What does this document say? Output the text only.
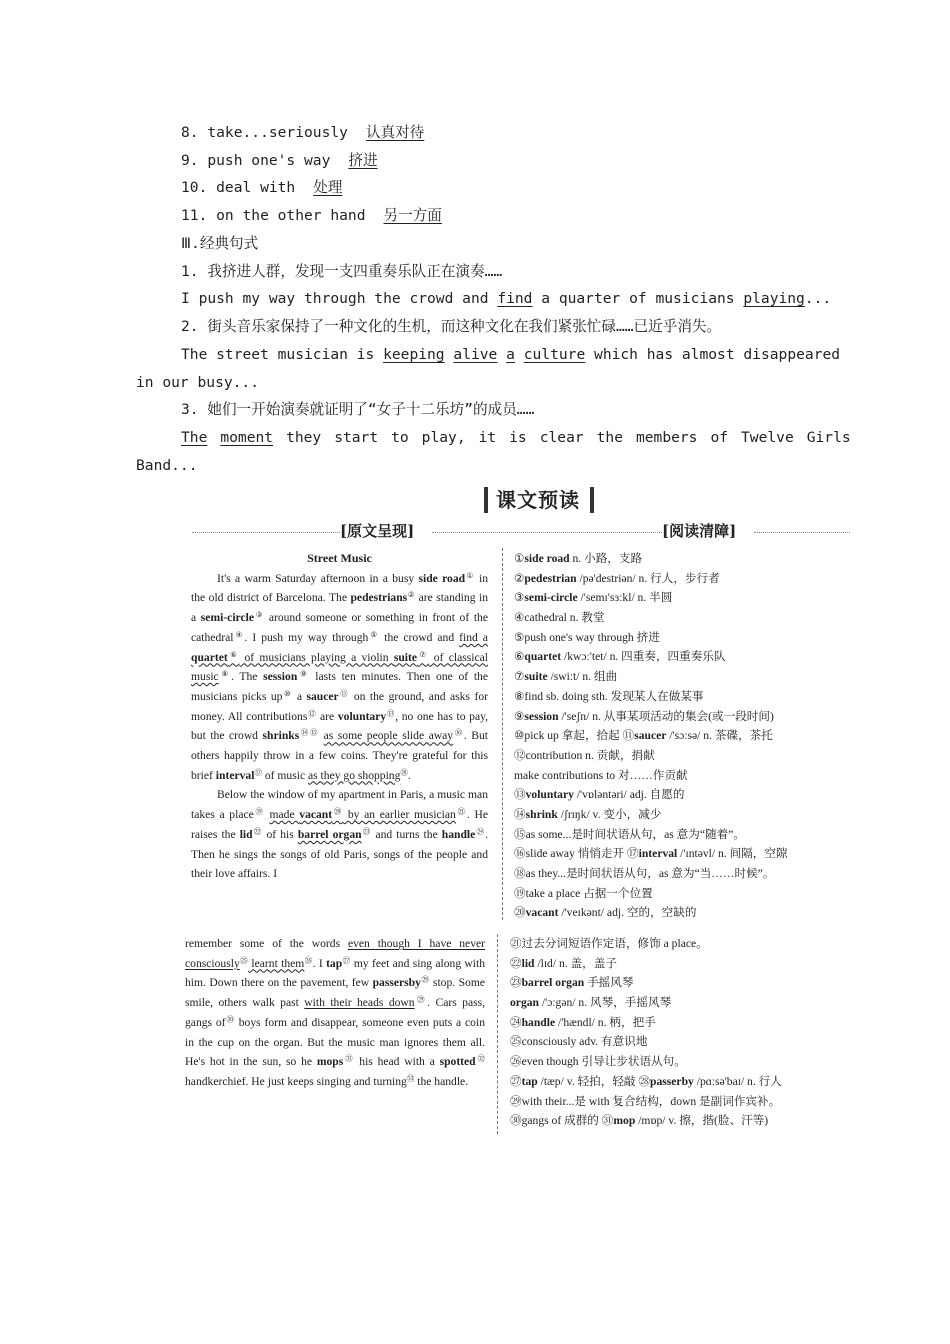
8. take...seriously 认真对待
9. push one's way 挤进
10. deal with 处理
11. on the other hand 另一方面
Ⅲ.经典句式
1. 我挤进人群，发现一支四重奏乐队正在演奏……
I push my way through the crowd and find a quarter of musicians playing...
2. 街头音乐家保持了一种文化的生机，而这种文化在我们紧张忙碌……已近乎消失。
The street musician is keeping alive a culture which has almost disappeared
in our busy...
3. 她们一开始演奏就证明了“女子十二乐坊”的成员……
The moment they start to play, it is clear the members of Twelve Girls
Band...
课文预读
[原文呈现]	[阅读清障]

Street Music

It's a warm Saturday afternoon in a busy side road① in the old district of Barcelona. The pedestrians② are standing in a semi-circle③ around someone or something in front of the cathedral④. I push my way through⑤ the crowd and find a quartet⑥ of musicians playing a violin suite⑦ of classical music⑧. The session⑨ lasts ten minutes. Then one of the musicians picks up⑩ a saucer⑪ on the ground, and asks for money. All contributions⑫ are voluntary⑬, no one has to pay, but the crowd shrinks⑭⑮ as some people slide away⑯. But others happily throw in a few coins. They're grateful for this brief interval⑰ of music as they go shopping⑱.

Below the window of my apartment in Paris, a music man takes a place⑲ made vacant⑳ by an earlier musician$^㉑$. He raises the lid$^㉒$ of his barrel organ$^㉓$ and turns the handle$^㉔$. Then he sings the songs of old Paris, songs of the people and their love affairs. I

remember some of the words even though I have never consciously$^㉕$ learnt them$^㉖$. I tap$^㉗$ my feet and sing along with him. Down there on the pavement, few passersby$^㉘$ stop. Some smile, others walk past with their heads down$^㉙$. Cars pass, gangs $of^㉚$ boys form and disappear, someone even puts a coin in the cup on the organ. But the music man ignores them all. He's hot in the sun, so he mops$^㉛$ his head with a spotted$^㉜$ handkerchief. He just keeps singing and turning$^㉝$ the handle.

①side road n. 小路，支路
②pedestrian /pə'destriən/ n. 行人，步行者
③semi-circle /'semɪ'sɜːkl/ n. 半圆
④cathedral n. 教堂
⑤push one's way through 挤进
⑥quartet /kwɔː'tet/ n. 四重奏，四重奏乐队
⑦suite /swiːt/ n. 组曲
⑧find sb. doing sth. 发现某人在做某事
⑨session /'seʃn/ n. 从事某项活动的集会(或一段时间)
⑩pick up 拿起，拾起 ⑪saucer /'sɔːsə/ n. 茶碟，茶托
⑫contribution n. 贡献，捐献
make contributions to 对……作贡献
⑬voluntary /'vɒləntəri/ adj. 自愿的
⑭shrink /ʃrɪŋk/ v. 变小，减少
⑮as some...是时间状语从句，as 意为“随着”。
⑯slide away 悄悄走开 ⑰interval /'ɪntəvl/ n. 间隔，空隙
⑱as they...是时间状语从句，as 意为“当……时候”。
⑲take a place 占据一个位置
⑳vacant /'veɪkənt/ adj. 空的，空缺的
㉑过去分词短语作定语，修饰 a place。
㉒lid /lɪd/ n. 盖，盖子
㉓barrel organ 手摇风琴
organ /'ɔːgən/ n. 风琴，手摇风琴
㉔handle /'hændl/ n. 柄，把手
㉕consciously adv. 有意识地
㉖even though 引导让步状语从句。
㉗tap /tæp/ v. 轻拍，轻敲 ㉘passerby /pɑːsə'baɪ/ n. 行人
㉙with their...是 with 复合结构，down 是副词作宾补。
㉚gangs of 成群的 ㉛mop /mɒp/ v. 擦，揩(脸、汗等)
